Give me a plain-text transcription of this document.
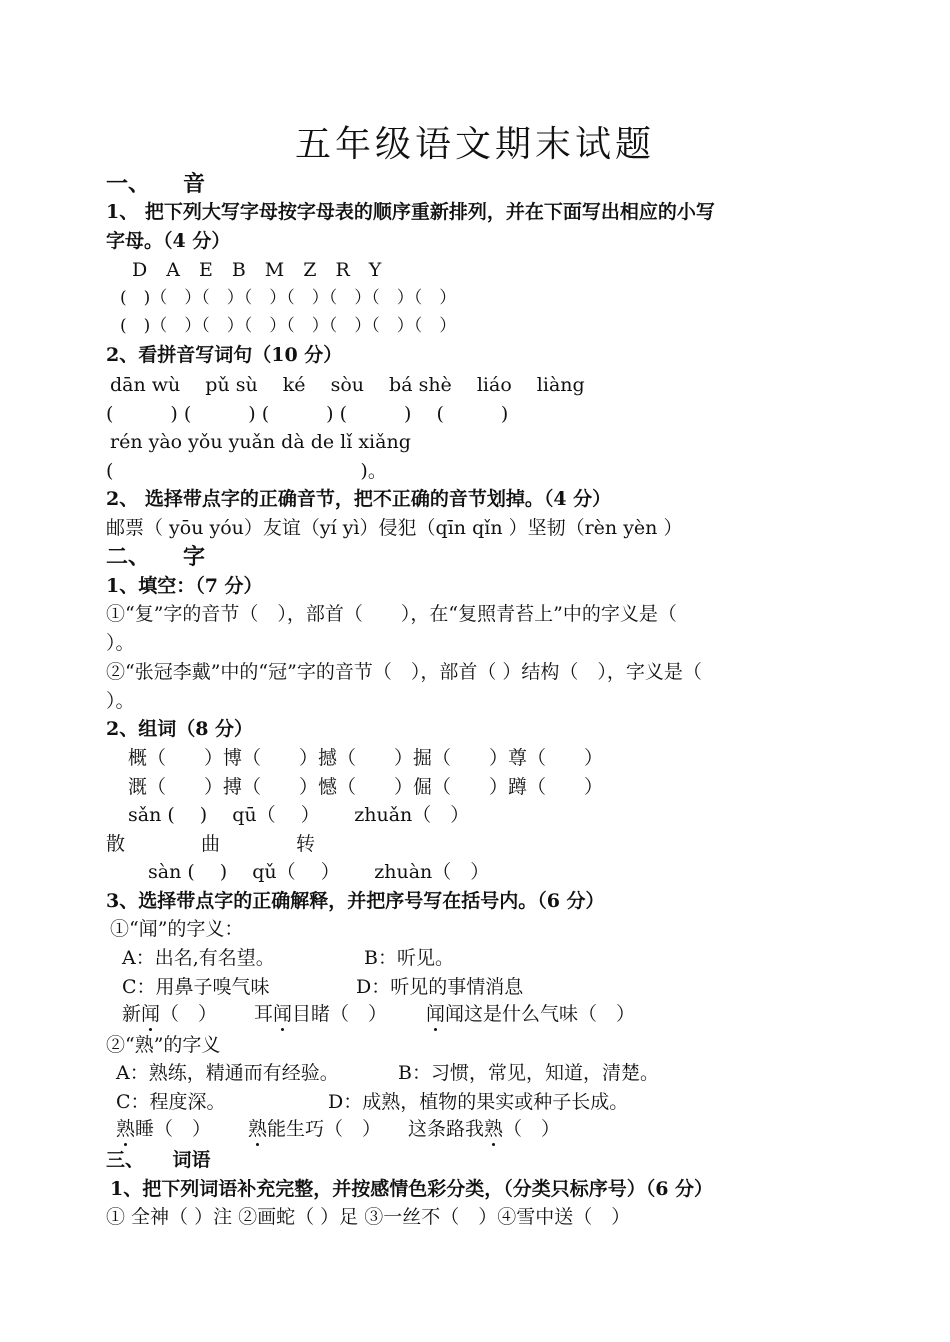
五年级语文期末试题
一、　　音
1、 把下列大写字母按字母表的顺序重新排列，并在下面写出相应的小写
字母。（4 分）
D　A　E　B　M　Z　R　Y
(　)（　）（　）（　）（　）（　）（　）（　）
(　)（　）（　）（　）（　）（　）（　）（　）
2、看拼音写词句（10 分）
dān wù　 pǔ sù　 ké　 sòu　 bá shè　 liáo　 liàng
(　　　) (　　　) (　　　) (　　　)　 (　　　)
rén yào yǒu yuǎn dà de lǐ xiǎng
(　　　　　　　　　　　　　)。
2、 选择带点字的正确音节，把不正确的音节划掉。（4 分）
邮票（ yōu yóu）友谊（yí yì）侵犯（qīn qǐn ）坚韧（rèn yèn ）
二、　　字
1、填空：（7 分）
①“复”字的音节（　），部首（　　），在“复照青苔上”中的字义是（
）。
②“张冠李戴”中的“冠”字的音节（　），部首（ ）结构（　），字义是（
）。
2、组词（8 分）
概（　　）博（　　）撼（　　）掘（　　）尊（　　）
溉（　　）搏（　　）憾（　　）倔（　　）蹲（　　）
sǎn (　 )　 qū（　 ）　　 zhuǎn（　）
散　　　　曲　　　　转
sàn (　 )　 qǔ（　 ）　　 zhuàn（　）
3、选择带点字的正确解释，并把序号写在括号内。（6 分）
①“闻”的字义：
A：出名,有名望。	B：听见。
C：用鼻子嗅气味	D：听见的事情消息
新闻（　） 耳闻目睹（　） 闻闻这是什么气味（　）
②“熟”的字义
A：熟练，精通而有经验。	B：习惯，常见，知道，清楚。
C：程度深。	D：成熟，植物的果实或种子长成。
熟睡（　） 熟能生巧（　） 这条路我熟（　）
三、　　词语
1、把下列词语补充完整，并按感情色彩分类，（分类只标序号）（6 分）
① 全神（ ）注 ②画蛇（ ）足 ③一丝不（　）④雪中送（　）
